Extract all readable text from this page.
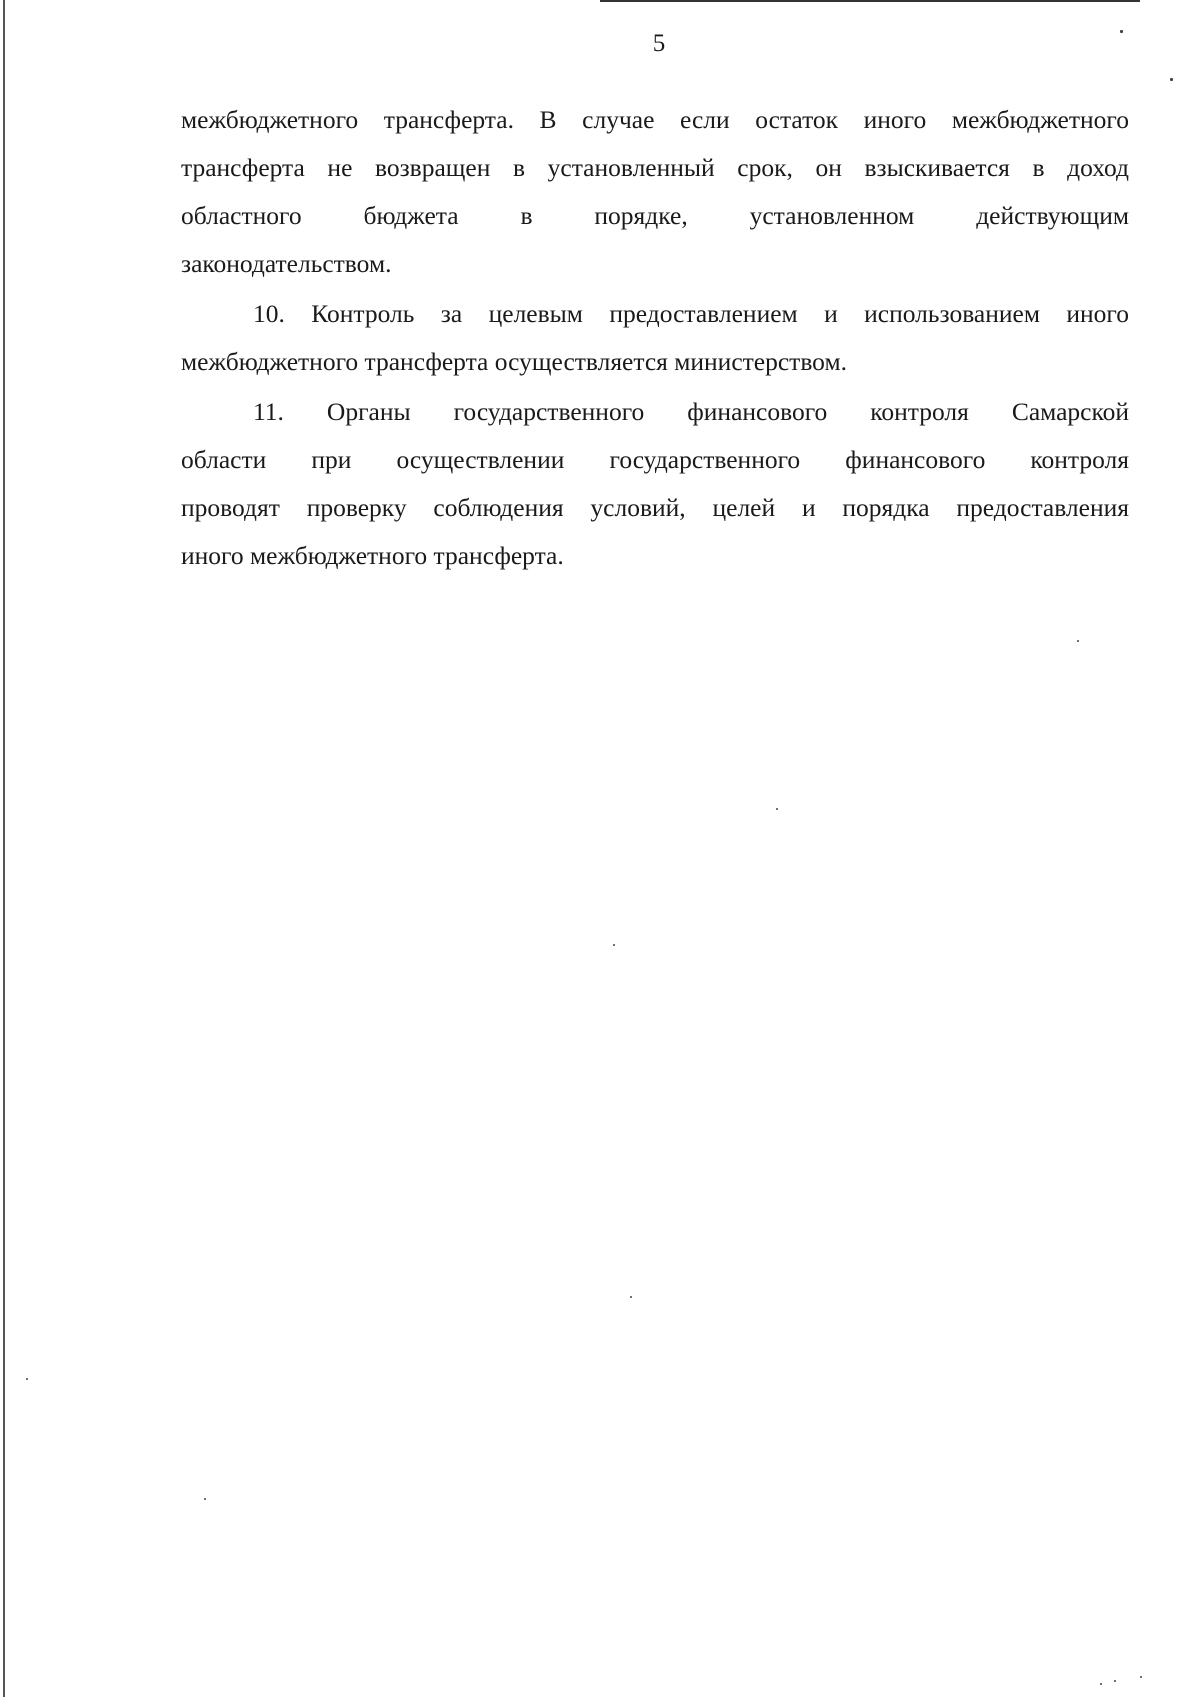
5
межбюджетного трансферта. В случае если остаток иного межбюджетного
трансферта не возвращен в установленный срок, он взыскивается в доход
областного бюджета в порядке, установленном действующим
законодательством.
10. Контроль за целевым предоставлением и использованием иного
межбюджетного трансферта осуществляется министерством.
11. Органы государственного финансового контроля Самарской
области при осуществлении государственного финансового контроля
проводят проверку соблюдения условий, целей и порядка предоставления
иного межбюджетного трансферта.
